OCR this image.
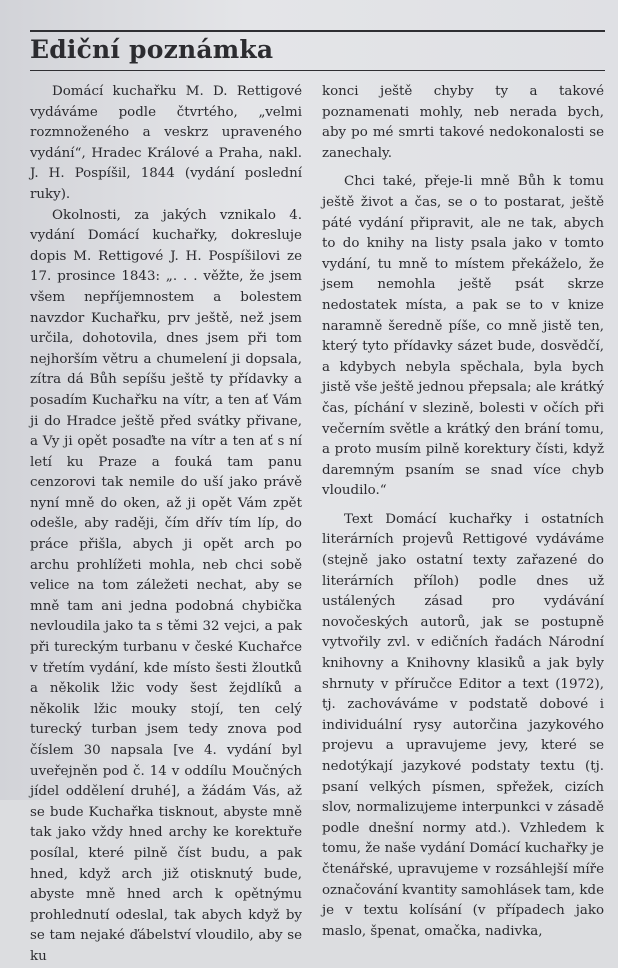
Ediční poznámka

Domácí kuchařku M. D. Rettigové vydáváme podle čtvrtého, „velmi rozmnoženého a veskrz upraveného vydání“, Hradec Králové a Praha, nakl. J. H. Pospíšil, 1844 (vydání poslední ruky).

Okolnosti, za jakých vznikalo 4. vydání Domácí kuchařky, dokresluje dopis M. Rettigové J. H. Pospíšilovi ze 17. prosince 1843: „. . . věžte, že jsem všem nepříjemnostem a bolestem navzdor Kuchařku, prv ještě, než jsem určila, dohotovila, dnes jsem při tom nejhorším větru a chumelení ji dopsala, zítra dá Bůh sepíšu ještě ty přídavky a posadím Kuchařku na vítr, a ten ať Vám ji do Hradce ještě před svátky přivane, a Vy ji opět posaďte na vítr a ten ať s ní letí ku Praze a fouká tam panu cenzorovi tak nemile do uší jako právě nyní mně do oken, až ji opět Vám zpět odešle, aby raději, čím dřív tím líp, do práce přišla, abych ji opět arch po archu prohlížeti mohla, neb chci sobě velice na tom záležeti nechat, aby se mně tam ani jedna podobná chybička nevloudila jako ta s těmi 32 vejci, a pak při tureckým turbanu v české Kuchařce v třetím vydání, kde místo šesti žloutků a několik lžic vody šest žejdlíků a několik lžic mouky stojí, ten celý turecký turban jsem tedy znova pod číslem 30 napsala [ve 4. vydání byl uveřejněn pod č. 14 v oddílu Moučných jídel oddělení druhé], a žádám Vás, až se bude Kuchařka tisknout, abyste mně tak jako vždy hned archy ke korektuře posílal, které pilně číst budu, a pak hned, když arch již otisknutý bude, abyste mně hned arch k opětnýmu prohlednutí odeslal, tak abych když by se tam nejaké ďábelství vloudilo, aby se ku

konci ještě chyby ty a takové poznamenati mohly, neb nerada bych, aby po mé smrti takové nedokonalosti se zanechaly.

Chci také, přeje-li mně Bůh k tomu ještě život a čas, se o to postarat, ještě páté vydání připravit, ale ne tak, abych to do knihy na listy psala jako v tomto vydání, tu mně to místem překáželo, že jsem nemohla ještě psát skrze nedostatek místa, a pak se to v knize naramně šeredně píše, co mně jistě ten, který tyto přídavky sázet bude, dosvědčí, a kdybych nebyla spěchala, byla bych jistě vše ještě jednou přepsala; ale krátký čas, píchání v slezině, bolesti v očích při večerním světle a krátký den brání tomu, a proto musím pilně korektury čísti, když daremným psaním se snad více chyb vloudilo.“

Text Domácí kuchařky i ostatních literárních projevů Rettigové vydáváme (stejně jako ostatní texty zařazené do literárních příloh) podle dnes už ustálených zásad pro vydávání novočeských autorů, jak se postupně vytvořily zvl. v edičních řadách Národní knihovny a Knihovny klasiků a jak byly shrnuty v příručce Editor a text (1972), tj. zachováváme v podstatě dobové i individuální rysy autorčina jazykového projevu a upravujeme jevy, které se nedotýkají jazykové podstaty textu (tj. psaní velkých písmen, spřežek, cizích slov, normalizujeme interpunkci v zásadě podle dnešní normy atd.). Vzhledem k tomu, že naše vydání Domácí kuchařky je čtenářské, upravujeme v rozsáhlejší míře označování kvantity samohlásek tam, kde je v textu kolísání (v případech jako maslo, špenat, omačka, nadivka,
